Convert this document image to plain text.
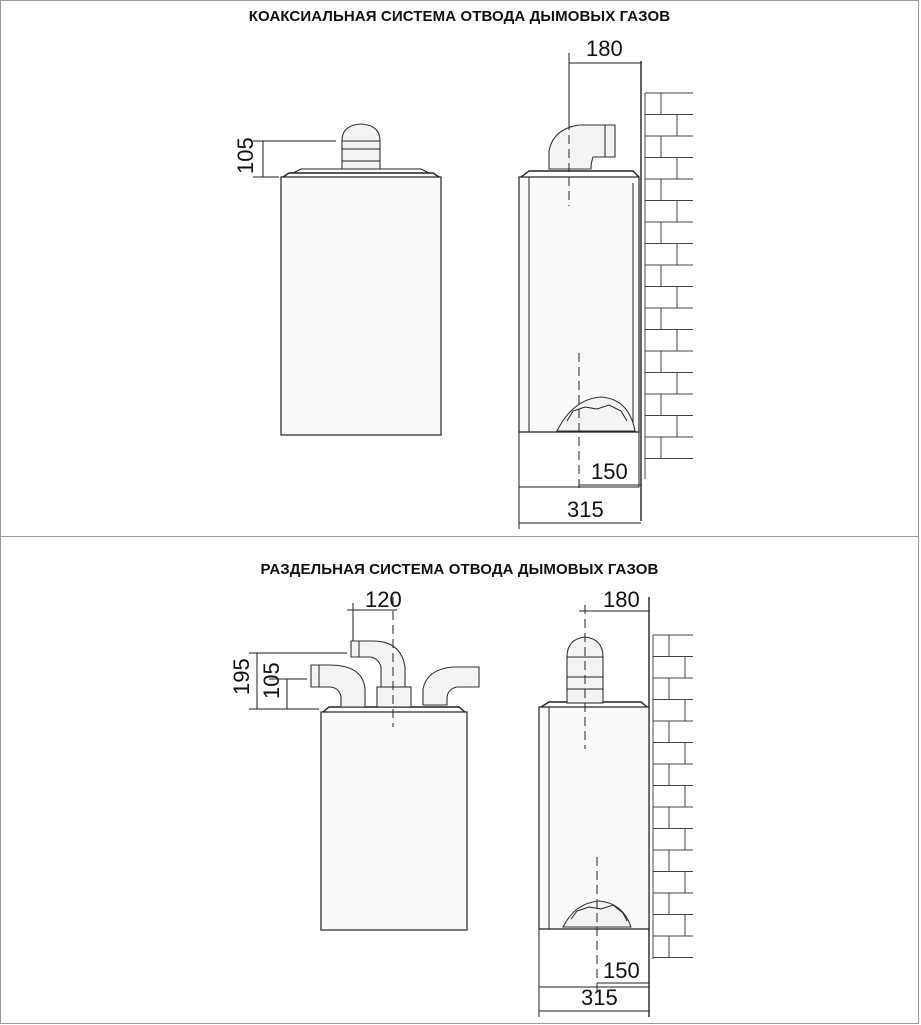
КОАКСИАЛЬНАЯ СИСТЕМА ОТВОДА ДЫМОВЫХ ГАЗОВ
105
180
150
315
РАЗДЕЛЬНАЯ СИСТЕМА ОТВОДА ДЫМОВЫХ ГАЗОВ
120
195 105
180
150
315
